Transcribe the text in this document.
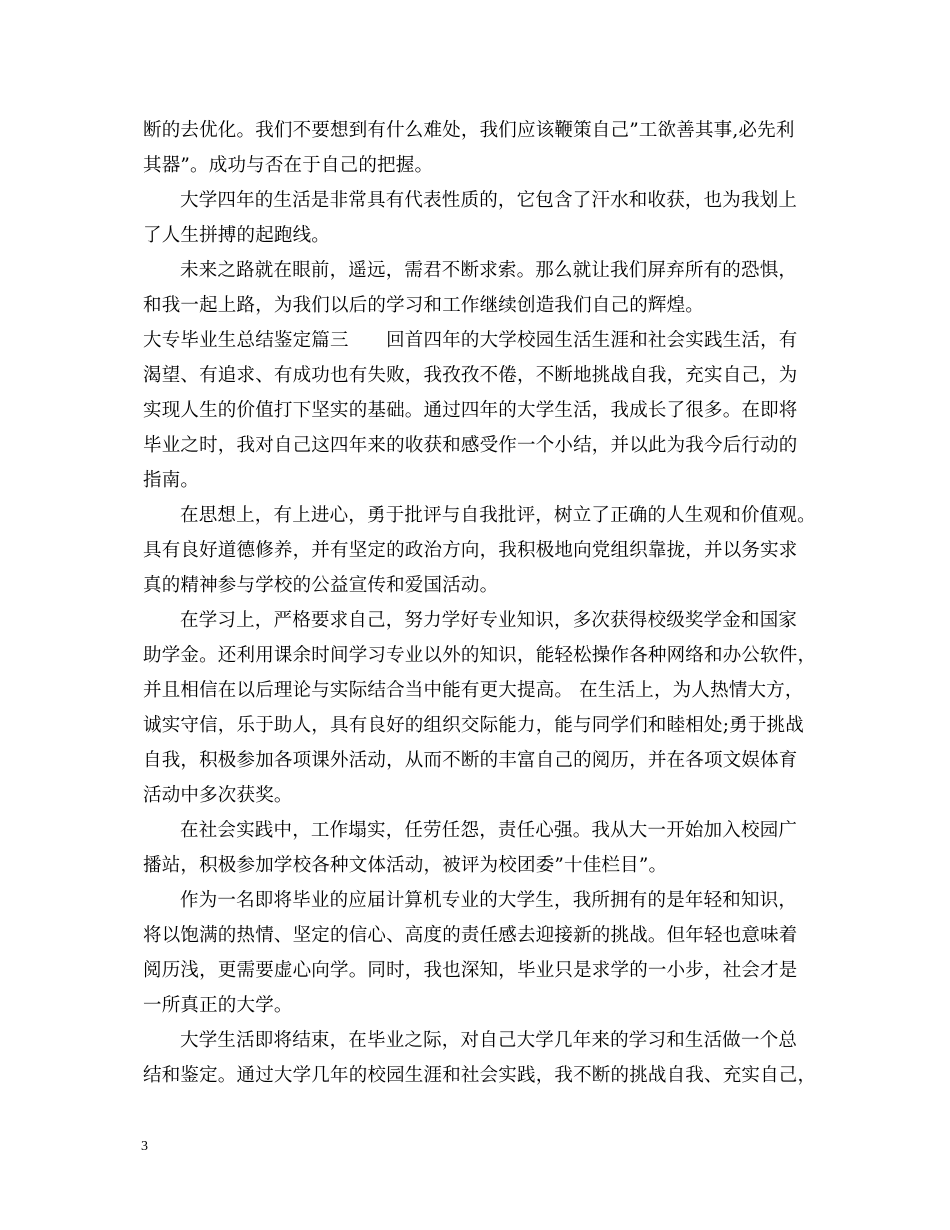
断的去优化。我们不要想到有什么难处，我们应该鞭策自己”工欲善其事,必先利
其器”。成功与否在于自己的把握。
大学四年的生活是非常具有代表性质的，它包含了汗水和收获，也为我划上
了人生拼搏的起跑线。
未来之路就在眼前，遥远，需君不断求索。那么就让我们屏弃所有的恐惧，
和我一起上路，为我们以后的学习和工作继续创造我们自己的辉煌。
大专毕业生总结鉴定篇三　　回首四年的大学校园生活生涯和社会实践生活，有
渴望、有追求、有成功也有失败，我孜孜不倦，不断地挑战自我，充实自己，为
实现人生的价值打下坚实的基础。通过四年的大学生活，我成长了很多。在即将
毕业之时，我对自己这四年来的收获和感受作一个小结，并以此为我今后行动的
指南。
在思想上，有上进心，勇于批评与自我批评，树立了正确的人生观和价值观。
具有良好道德修养，并有坚定的政治方向，我积极地向党组织靠拢，并以务实求
真的精神参与学校的公益宣传和爱国活动。
在学习上，严格要求自己，努力学好专业知识，多次获得校级奖学金和国家
助学金。还利用课余时间学习专业以外的知识，能轻松操作各种网络和办公软件，
并且相信在以后理论与实际结合当中能有更大提高。 在生活上，为人热情大方，
诚实守信，乐于助人，具有良好的组织交际能力，能与同学们和睦相处;勇于挑战
自我，积极参加各项课外活动，从而不断的丰富自己的阅历，并在各项文娱体育
活动中多次获奖。
在社会实践中，工作塌实，任劳任怨，责任心强。我从大一开始加入校园广
播站，积极参加学校各种文体活动，被评为校团委”十佳栏目”。
作为一名即将毕业的应届计算机专业的大学生，我所拥有的是年轻和知识，
将以饱满的热情、坚定的信心、高度的责任感去迎接新的挑战。但年轻也意味着
阅历浅，更需要虚心向学。同时，我也深知，毕业只是求学的一小步，社会才是
一所真正的大学。
大学生活即将结束，在毕业之际，对自己大学几年来的学习和生活做一个总
结和鉴定。通过大学几年的校园生涯和社会实践，我不断的挑战自我、充实自己，
3
